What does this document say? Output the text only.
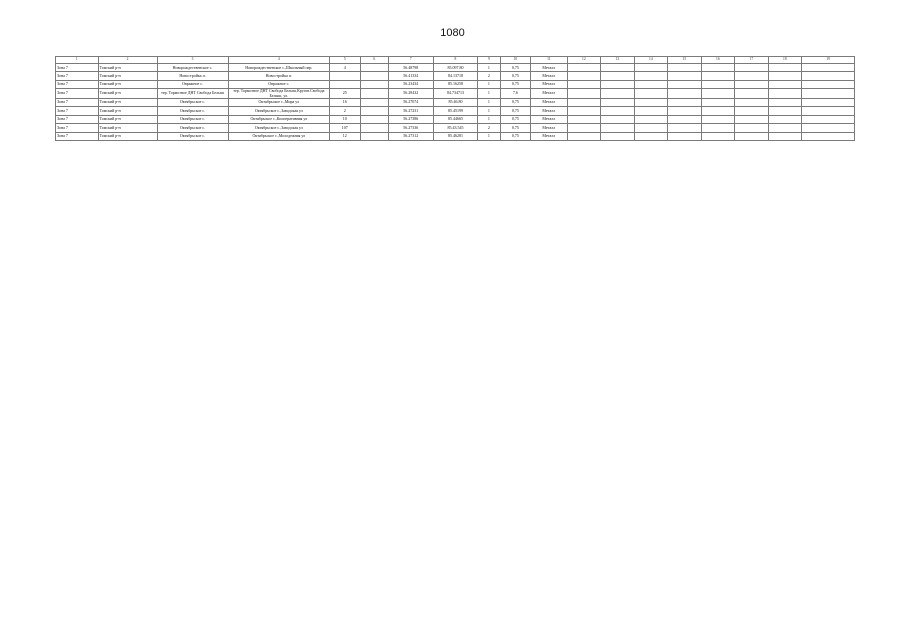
1080
1	2	3	4	5	6	7	8	9	10	11	12	13	14	15	16	17	18	19
Зона 7	Томский р-н	Новорождественское с.	Новорождественское с.,Школьный пер.	4		56.48798	85.097.80	1	0,75	Металл								
Зона 7	Томский р-н	Новостройка п.	Новостройка п.			56.41334	84.13718	2	0,75	Металл								
Зона 7	Томский р-н	Овражное с.	Овражное с.			56.23434	85.16258	1	0,75	Металл								
Зона 7	Томский р-н	тер. Тормозное ДНТ Свобода Белыш	тер. Тормозное ДНТ Свобода Белыш,Кругов.Свобода Белыш, ул.	25		56.28432	84.734713	1	7,6	Металл								
Зона 7	Томский р-н	Октябрьское с.	Октябрьское с.,Мира ул	16		56.27074	85.46.80	1	0,75	Металл								
Зона 7	Томский р-н	Октябрьское с.	Октябрьское с.,Заводская ул	2		56.27231	85.45199	1	0,75	Металл								
Зона 7	Томский р-н	Октябрьское с.	Октябрьское с.,Кооперативная ул	10		56.27386	85.44665	1	0,75	Металл								
Зона 7	Томский р-н	Октябрьское с.	Октябрьское с.,Заводская ул	107		56.27336	85.43.545	2	0,75	Металл								
Зона 7	Томский р-н	Октябрьское с.	Октябрьское с.,Молодежная ул	12		56.27312	85.46281	1	0,75	Металл								
